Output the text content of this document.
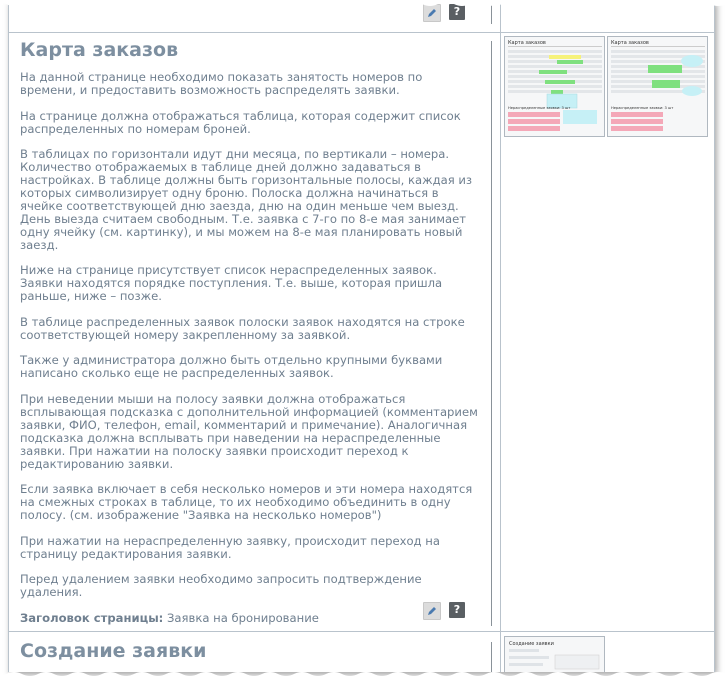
?
Карта заказов

На данной странице необходимо показать занятость номеров по времени, и предоставить возможность распределять заявки.

На странице должна отображаться таблица, которая содержит список распределенных по номерам броней.

В таблицах по горизонтали идут дни месяца, по вертикали – номера. Количество отображаемых в таблице дней должно задаваться в настройках. В таблице должны быть горизонтальные полосы, каждая из которых символизирует одну броню. Полоска должна начинаться в ячейке соответствующей дню заезда, дню на один меньше чем выезд. День выезда считаем свободным. Т.е. заявка с 7-го по 8-е мая занимает одну ячейку (см. картинку), и мы можем на 8-е мая планировать новый заезд.

Ниже на странице присутствует список нераспределенных заявок. Заявки находятся порядке поступления. Т.е. выше, которая пришла раньше, ниже – позже.

В таблице распределенных заявок полоски заявок находятся на строке соответствующей номеру закрепленному за заявкой.

Также у администратора должно быть отдельно крупными буквами написано сколько еще не распределенных заявок.

При неведении мыши на полосу заявки должна отображаться всплывающая подсказка с дополнительной информацией (комментарием заявки, ФИО, телефон, email, комментарий и примечание). Аналогичная подсказка должна всплывать при наведении на нераспределенные заявки. При нажатии на полоску заявки происходит переход к редактированию заявки.

Если заявка включает в себя несколько номеров и эти номера находятся на смежных строках в таблице, то их необходимо объединить в одну полосу. (см. изображение "Заявка на несколько номеров")

При нажатии на нераспределенную заявку, происходит переход на страницу редактирования заявки.

Перед удалением заявки необходимо запросить подтверждение удаления.

Заголовок страницы: Заявка на бронирование

?
Карта заказов
Нераспределенные заявки: 3 шт
Карта заказов
Нераспределенные заявки: 3 шт
Создание заявки	Создание заявки
